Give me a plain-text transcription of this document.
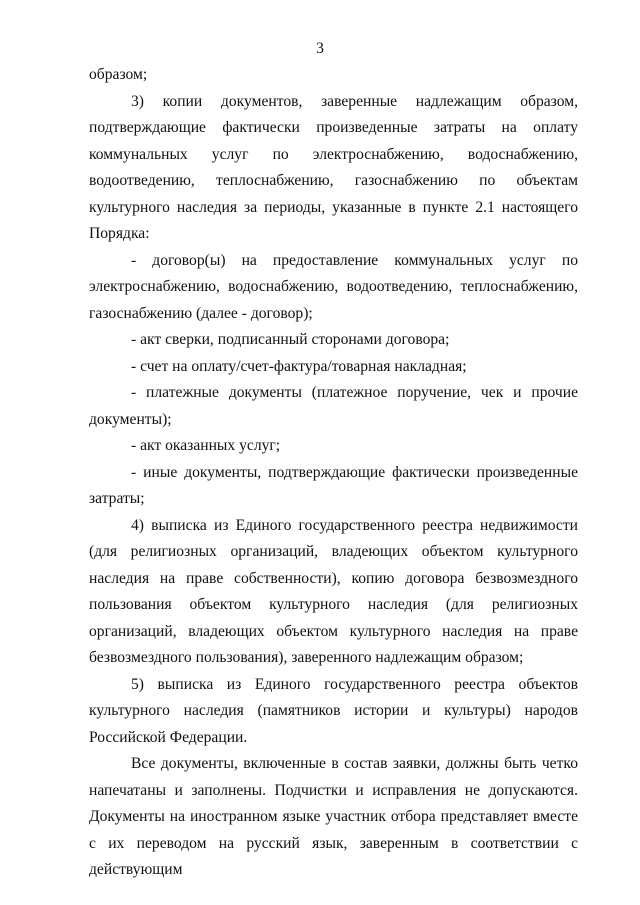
3

образом;

3) копии документов, заверенные надлежащим образом, подтверждающие фактически произведенные затраты на оплату коммунальных услуг по электроснабжению, водоснабжению, водоотведению, теплоснабжению, газоснабжению по объектам культурного наследия за периоды, указанные в пункте 2.1 настоящего Порядка:

- договор(ы) на предоставление коммунальных услуг по электроснабжению, водоснабжению, водоотведению, теплоснабжению, газоснабжению (далее - договор);

- акт сверки, подписанный сторонами договора;

- счет на оплату/счет-фактура/товарная накладная;

- платежные документы (платежное поручение, чек и прочие документы);

- акт оказанных услуг;

- иные документы, подтверждающие фактически произведенные затраты;

4) выписка из Единого государственного реестра недвижимости (для религиозных организаций, владеющих объектом культурного наследия на праве собственности), копию договора безвозмездного пользования объектом культурного наследия (для религиозных организаций, владеющих объектом культурного наследия на праве безвозмездного пользования), заверенного надлежащим образом;

5) выписка из Единого государственного реестра объектов культурного наследия (памятников истории и культуры) народов Российской Федерации.

Все документы, включенные в состав заявки, должны быть четко напечатаны и заполнены. Подчистки и исправления не допускаются. Документы на иностранном языке участник отбора представляет вместе с их переводом на русский язык, заверенным в соответствии с действующим
